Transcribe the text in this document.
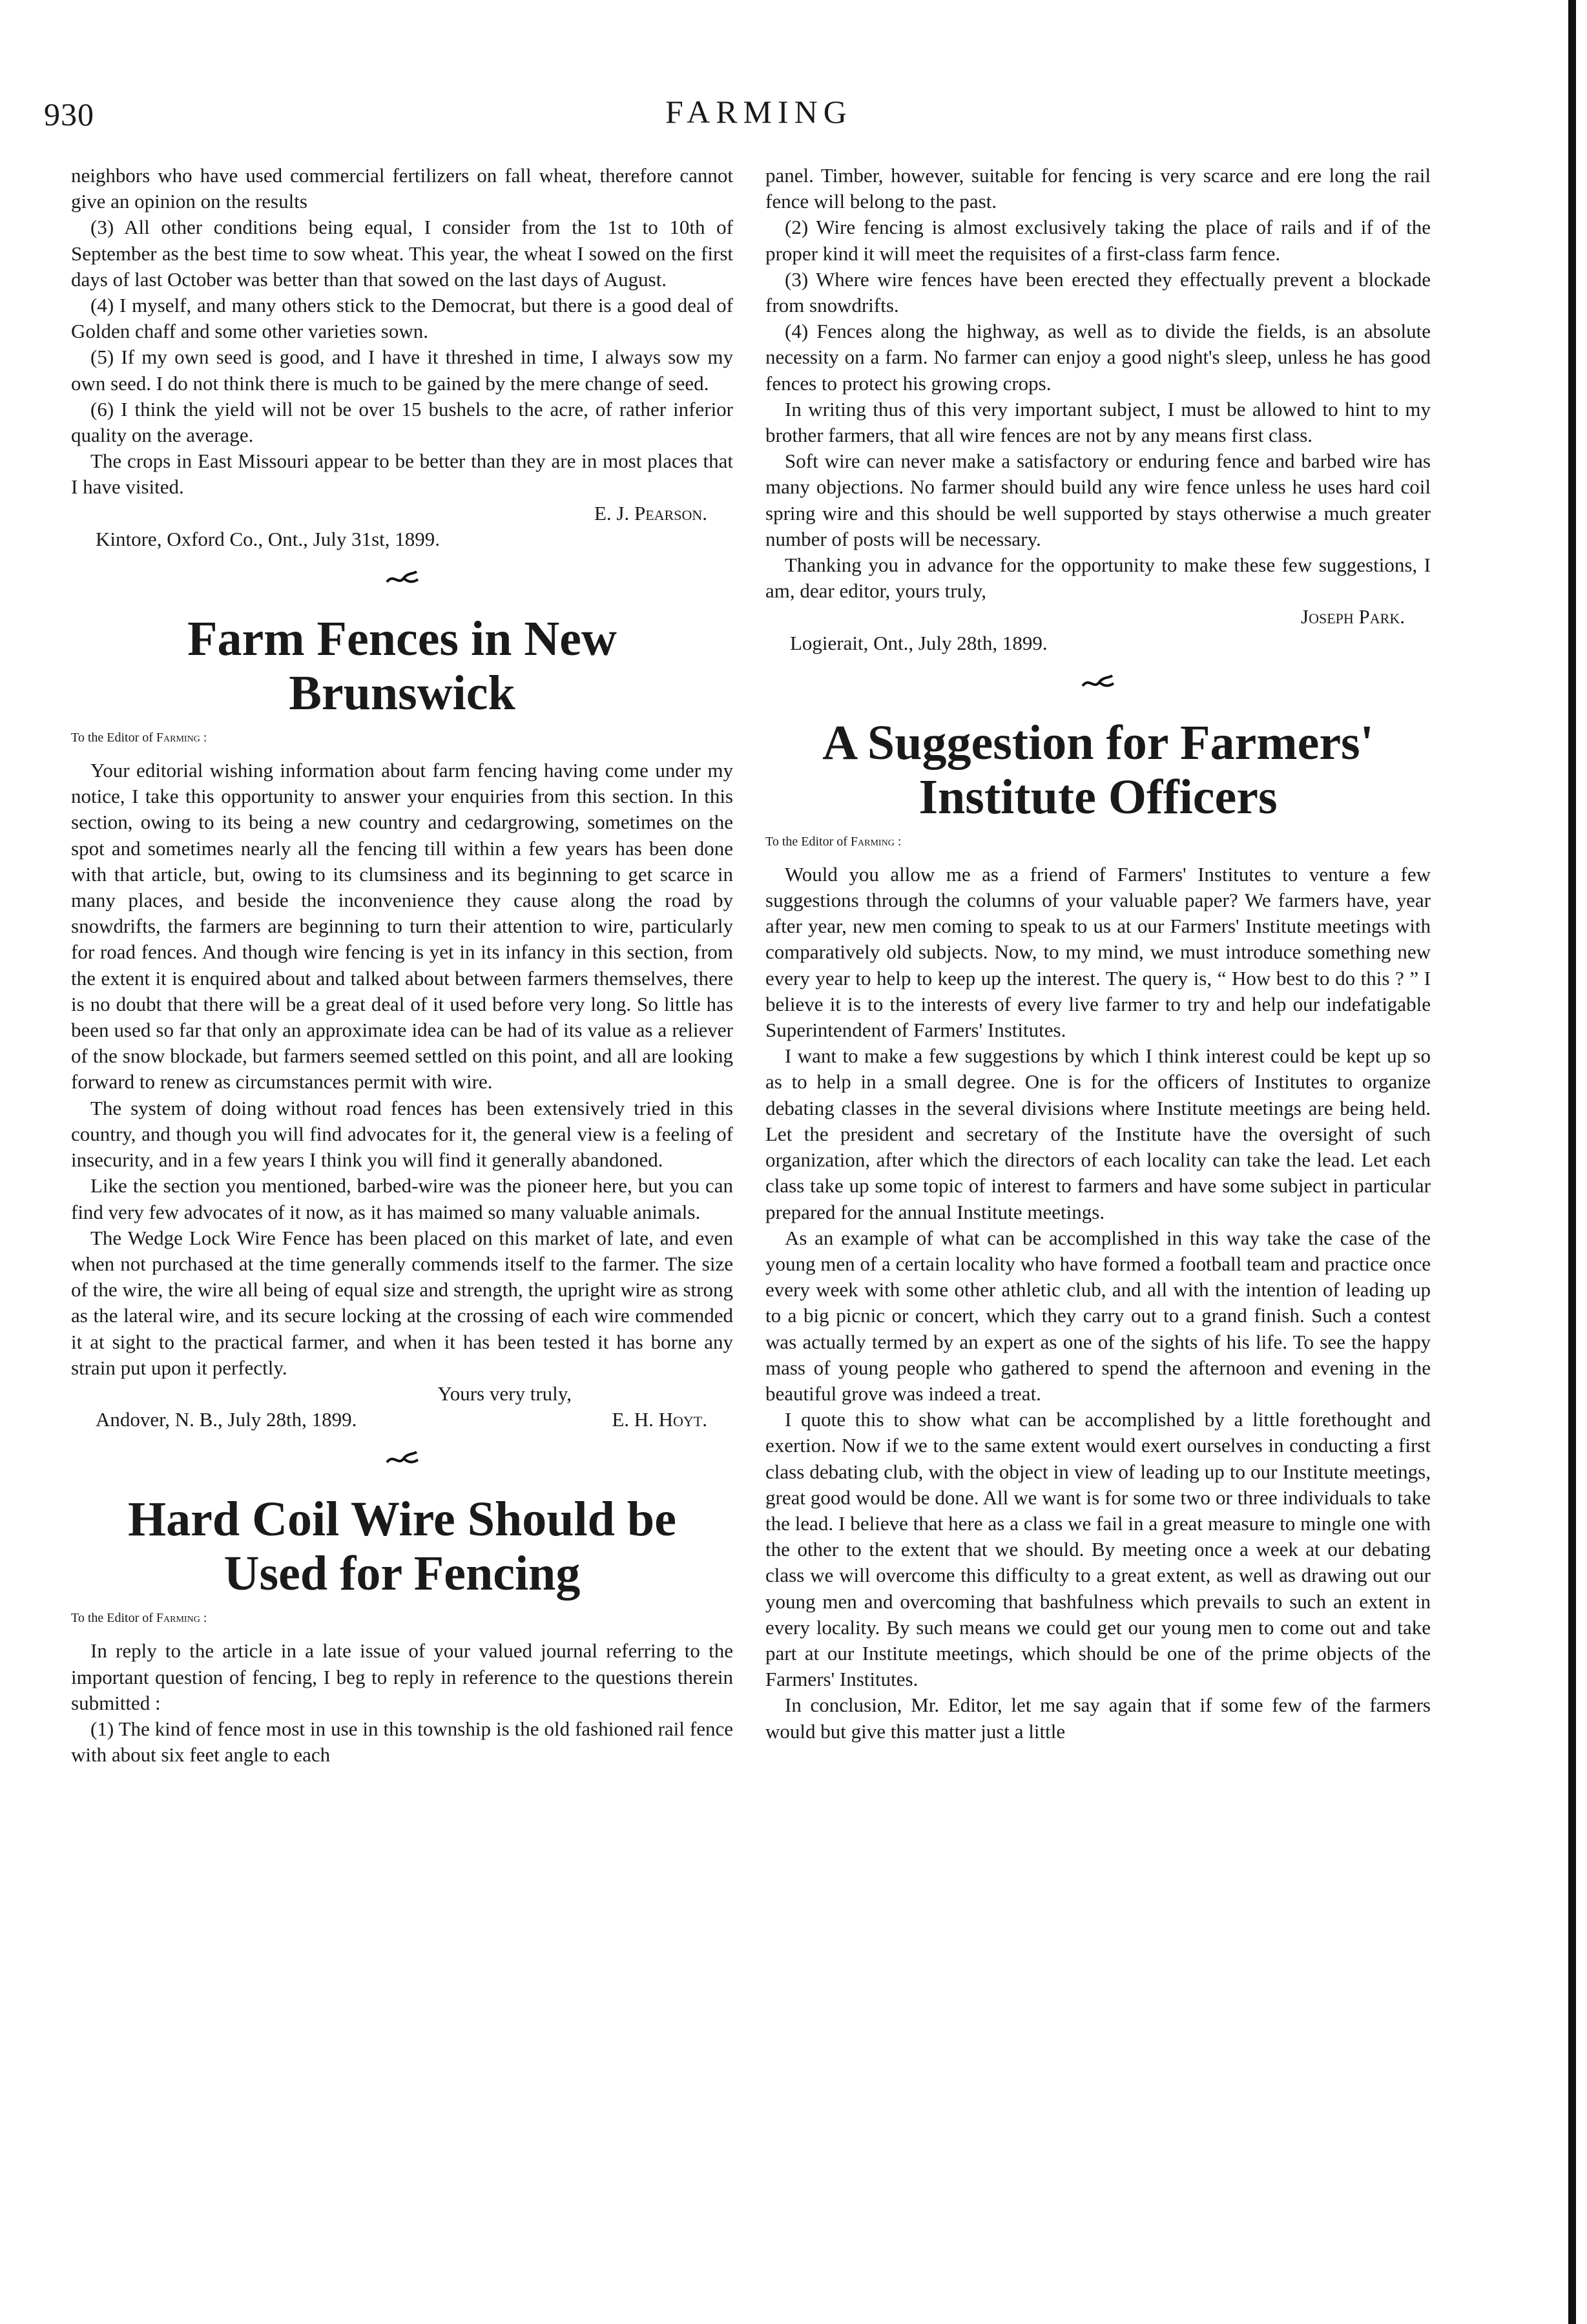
930	FARMING

neighbors who have used commercial fertilizers on fall wheat, therefore cannot give an opinion on the results

(3) All other conditions being equal, I consider from the 1st to 10th of September as the best time to sow wheat. This year, the wheat I sowed on the first days of last October was better than that sowed on the last days of August.

(4) I myself, and many others stick to the Democrat, but there is a good deal of Golden chaff and some other varieties sown.

(5) If my own seed is good, and I have it threshed in time, I always sow my own seed. I do not think there is much to be gained by the mere change of seed.

(6) I think the yield will not be over 15 bushels to the acre, of rather inferior quality on the average.

The crops in East Missouri appear to be better than they are in most places that I have visited.

E. J. Pearson.

Kintore, Oxford Co., Ont., July 31st, 1899.

Farm Fences in New Brunswick
To the Editor of Farming :

Your editorial wishing information about farm fencing having come under my notice, I take this opportunity to answer your enquiries from this section. In this section, owing to its being a new country and cedargrowing, sometimes on the spot and sometimes nearly all the fencing till within a few years has been done with that article, but, owing to its clumsiness and its beginning to get scarce in many places, and beside the inconvenience they cause along the road by snowdrifts, the farmers are beginning to turn their attention to wire, particularly for road fences. And though wire fencing is yet in its infancy in this section, from the extent it is enquired about and talked about between farmers themselves, there is no doubt that there will be a great deal of it used before very long. So little has been used so far that only an approximate idea can be had of its value as a reliever of the snow blockade, but farmers seemed settled on this point, and all are looking forward to renew as circumstances permit with wire.

The system of doing without road fences has been extensively tried in this country, and though you will find advocates for it, the general view is a feeling of insecurity, and in a few years I think you will find it generally abandoned.

Like the section you mentioned, barbed-wire was the pioneer here, but you can find very few advocates of it now, as it has maimed so many valuable animals.

The Wedge Lock Wire Fence has been placed on this market of late, and even when not purchased at the time generally commends itself to the farmer. The size of the wire, the wire all being of equal size and strength, the upright wire as strong as the lateral wire, and its secure locking at the crossing of each wire commended it at sight to the practical farmer, and when it has been tested it has borne any strain put upon it perfectly.

Yours very truly,

Andover, N. B., July 28th, 1899.	E. H. Hoyt.
Hard Coil Wire Should be Used for Fencing
To the Editor of Farming :

In reply to the article in a late issue of your valued journal referring to the important question of fencing, I beg to reply in reference to the questions therein submitted :

(1) The kind of fence most in use in this township is the old fashioned rail fence with about six feet angle to each

panel. Timber, however, suitable for fencing is very scarce and ere long the rail fence will belong to the past.

(2) Wire fencing is almost exclusively taking the place of rails and if of the proper kind it will meet the requisites of a first-class farm fence.

(3) Where wire fences have been erected they effectually prevent a blockade from snowdrifts.

(4) Fences along the highway, as well as to divide the fields, is an absolute necessity on a farm. No farmer can enjoy a good night's sleep, unless he has good fences to protect his growing crops.

In writing thus of this very important subject, I must be allowed to hint to my brother farmers, that all wire fences are not by any means first class.

Soft wire can never make a satisfactory or enduring fence and barbed wire has many objections. No farmer should build any wire fence unless he uses hard coil spring wire and this should be well supported by stays otherwise a much greater number of posts will be necessary.

Thanking you in advance for the opportunity to make these few suggestions, I am, dear editor, yours truly,

Joseph Park.

Logierait, Ont., July 28th, 1899.

A Suggestion for Farmers' Institute Officers
To the Editor of Farming :

Would you allow me as a friend of Farmers' Institutes to venture a few suggestions through the columns of your valuable paper? We farmers have, year after year, new men coming to speak to us at our Farmers' Institute meetings with comparatively old subjects. Now, to my mind, we must introduce something new every year to help to keep up the interest. The query is, “ How best to do this ? ” I believe it is to the interests of every live farmer to try and help our indefatigable Superintendent of Farmers' Institutes.

I want to make a few suggestions by which I think interest could be kept up so as to help in a small degree. One is for the officers of Institutes to organize debating classes in the several divisions where Institute meetings are being held. Let the president and secretary of the Institute have the oversight of such organization, after which the directors of each locality can take the lead. Let each class take up some topic of interest to farmers and have some subject in particular prepared for the annual Institute meetings.

As an example of what can be accomplished in this way take the case of the young men of a certain locality who have formed a football team and practice once every week with some other athletic club, and all with the intention of leading up to a big picnic or concert, which they carry out to a grand finish. Such a contest was actually termed by an expert as one of the sights of his life. To see the happy mass of young people who gathered to spend the afternoon and evening in the beautiful grove was indeed a treat.

I quote this to show what can be accomplished by a little forethought and exertion. Now if we to the same extent would exert ourselves in conducting a first class debating club, with the object in view of leading up to our Institute meetings, great good would be done. All we want is for some two or three individuals to take the lead. I believe that here as a class we fail in a great measure to mingle one with the other to the extent that we should. By meeting once a week at our debating class we will overcome this difficulty to a great extent, as well as drawing out our young men and overcoming that bashfulness which prevails to such an extent in every locality. By such means we could get our young men to come out and take part at our Institute meetings, which should be one of the prime objects of the Farmers' Institutes.

In conclusion, Mr. Editor, let me say again that if some few of the farmers would but give this matter just a little
